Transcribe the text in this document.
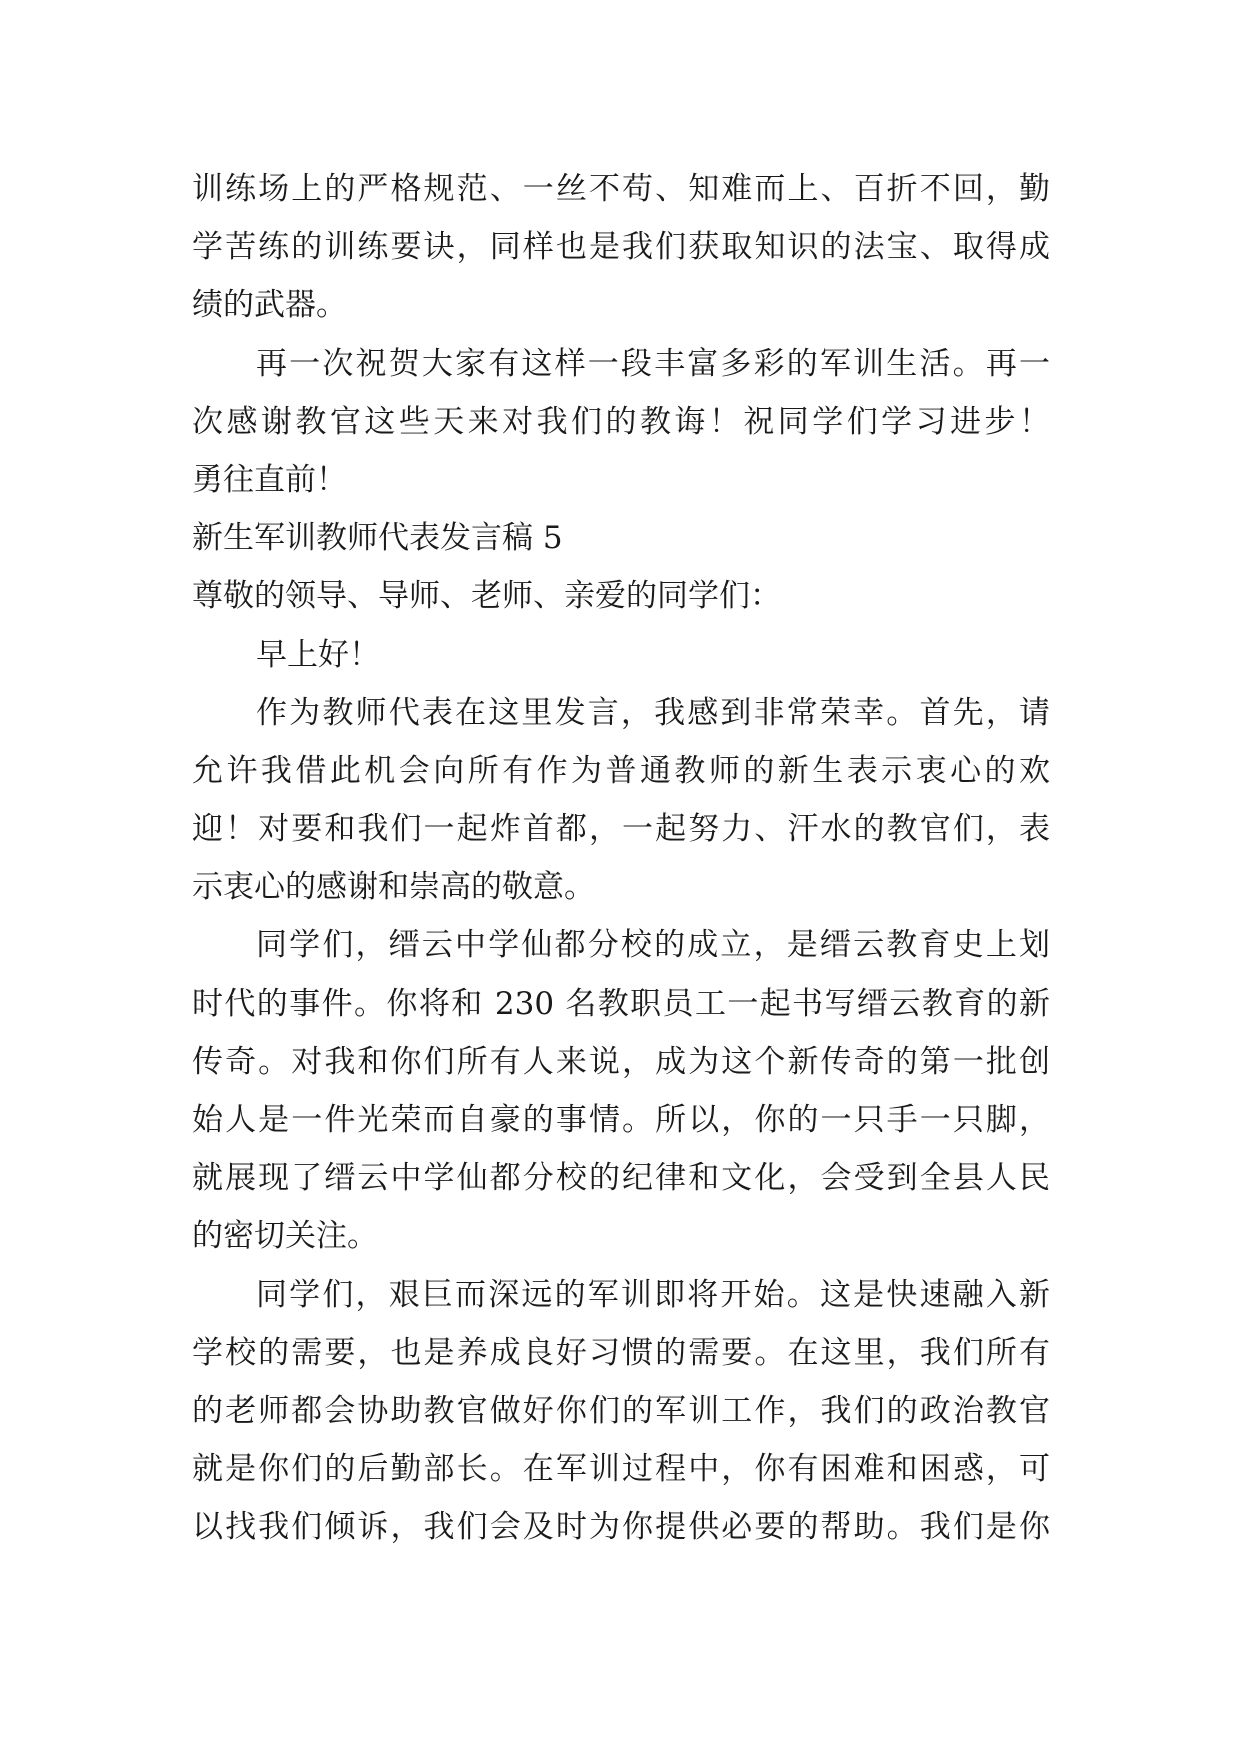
训练场上的严格规范、一丝不苟、知难而上、百折不回，勤
学苦练的训练要诀，同样也是我们获取知识的法宝、取得成
绩的武器。
再一次祝贺大家有这样一段丰富多彩的军训生活。再一
次感谢教官这些天来对我们的教诲！祝同学们学习进步！
勇往直前！
新生军训教师代表发言稿 5
尊敬的领导、导师、老师、亲爱的同学们：
早上好！
作为教师代表在这里发言，我感到非常荣幸。首先，请
允许我借此机会向所有作为普通教师的新生表示衷心的欢
迎！对要和我们一起炸首都，一起努力、汗水的教官们，表
示衷心的感谢和崇高的敬意。
同学们，缙云中学仙都分校的成立，是缙云教育史上划
时代的事件。你将和 230 名教职员工一起书写缙云教育的新
传奇。对我和你们所有人来说，成为这个新传奇的第一批创
始人是一件光荣而自豪的事情。所以，你的一只手一只脚，
就展现了缙云中学仙都分校的纪律和文化，会受到全县人民
的密切关注。
同学们，艰巨而深远的军训即将开始。这是快速融入新
学校的需要，也是养成良好习惯的需要。在这里，我们所有
的老师都会协助教官做好你们的军训工作，我们的政治教官
就是你们的后勤部长。在军训过程中，你有困难和困惑，可
以找我们倾诉，我们会及时为你提供必要的帮助。我们是你
